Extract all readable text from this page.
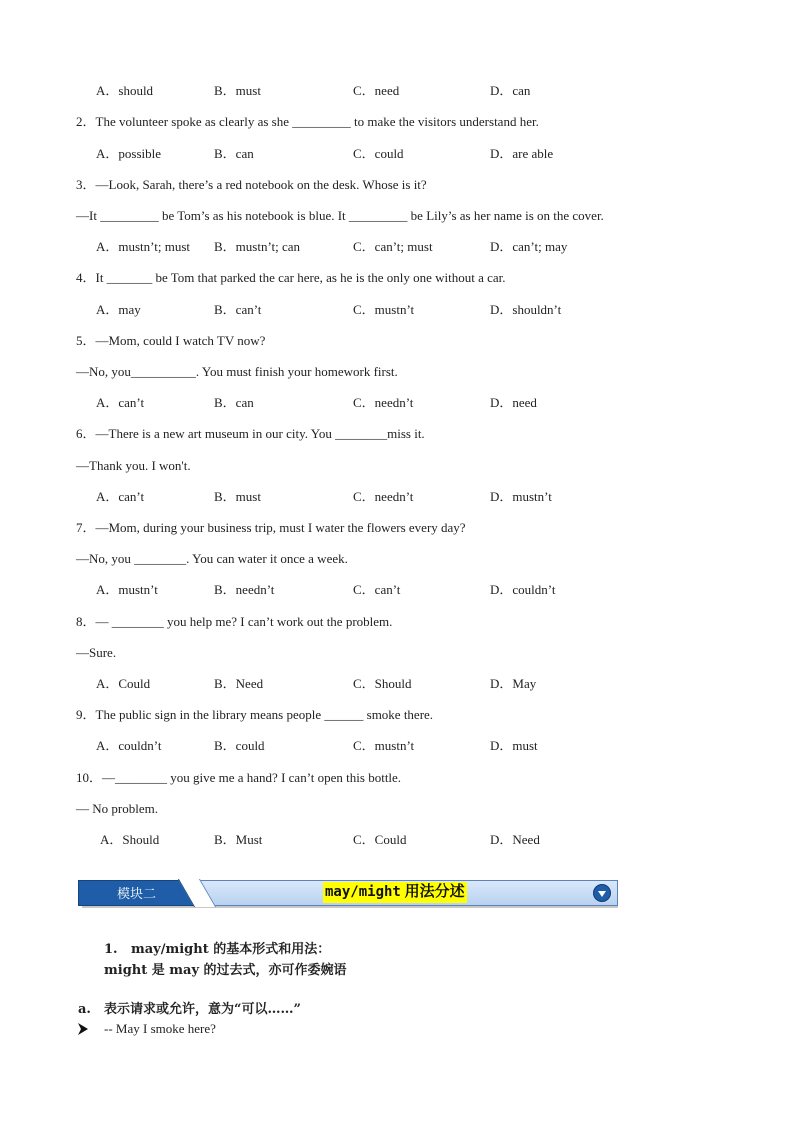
A．should	B．must	C．need	D．can
2．The volunteer spoke as clearly as she _________ to make the visitors understand her.
A．possible	B．can	C．could	D．are able
3．—Look, Sarah, there’s a red notebook on the desk. Whose is it?
—It _________ be Tom’s as his notebook is blue. It _________ be Lily’s as her name is on the cover.
A．mustn’t; must B．mustn’t; can	C．can’t; must	D．can’t; may
4．It _______ be Tom that parked the car here, as he is the only one without a car.
A．may	B．can’t	C．mustn’t	D．shouldn’t
5．—Mom, could I watch TV now?
—No, you__________. You must finish your homework first.
A．can’t	B．can	C．needn’t	D．need
6．—There is a new art museum in our city. You ________miss it.
—Thank you. I won't.
A．can’t	B．must	C．needn’t	D．mustn’t
7．—Mom, during your business trip, must I water the flowers every day?
—No, you ________. You can water it once a week.
A．mustn’t	B．needn’t	C．can’t	D．couldn’t
8．— ________ you help me? I can’t work out the problem.
—Sure.
A．Could	B．Need	C．Should	D．May
9．The public sign in the library means people ______ smoke there.
A．couldn’t	B．could	C．mustn’t	D．must
10．—________ you give me a hand? I can’t open this bottle.
— No problem.
A．Should	B．Must	C．Could	D．Need
模块二	may/might 用法分述
1. may/might 的基本形式和用法：
might 是 may 的过去式，亦可作委婉语
a. 表示请求或允许，意为“可以……”
-- May I smoke here?
